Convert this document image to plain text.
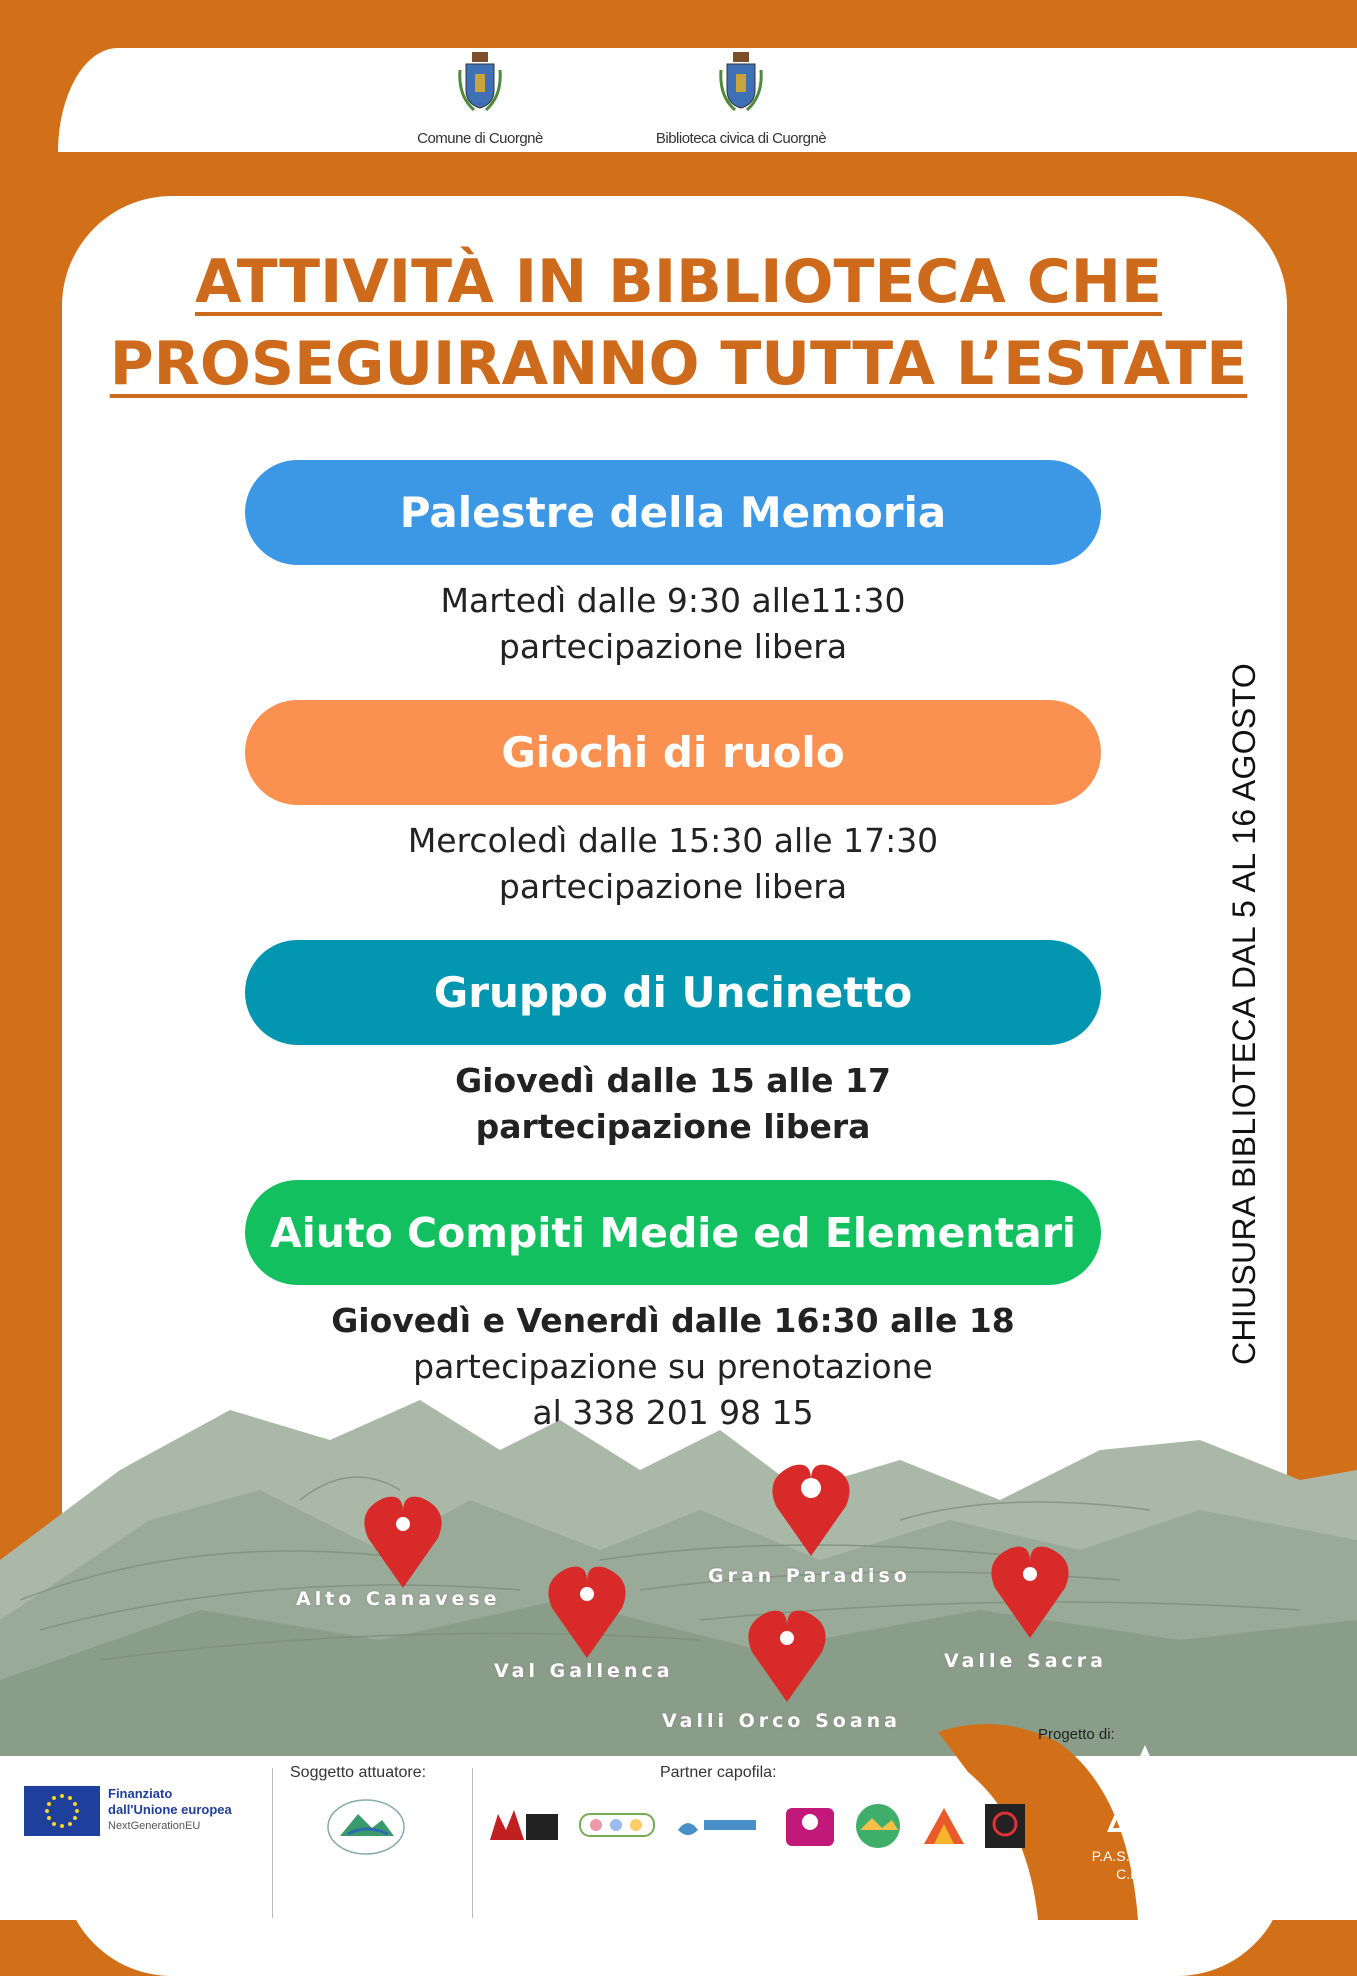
Comune di Cuorgnè	Biblioteca civica di Cuorgnè
ATTIVITÀ IN BIBLIOTECA CHE
PROSEGUIRANNO TUTTA L’ESTATE
Palestre della Memoria
Martedì dalle 9:30 alle11:30
partecipazione libera
Giochi di ruolo
Mercoledì dalle 15:30 alle 17:30
partecipazione libera
Gruppo di Uncinetto
Giovedì dalle 15 alle 17
partecipazione libera
Aiuto Compiti Medie ed Elementari
Giovedì e Venerdì dalle 16:30 alle 18
partecipazione su prenotazione
al 338 201 98 15
CHIUSURA BIBLIOTECA DAL 5 AL 16 AGOSTO
Alto Canavese
Gran Paradiso
Val Gallenca	Valle Sacra
Valli Orco Soana
Progetto di:
P.A.S.S.I. Montani
C.I.S.S.38
Finanziato
dall'Unione europea
NextGenerationEU
Soggetto attuatore:	Partner capofila:
